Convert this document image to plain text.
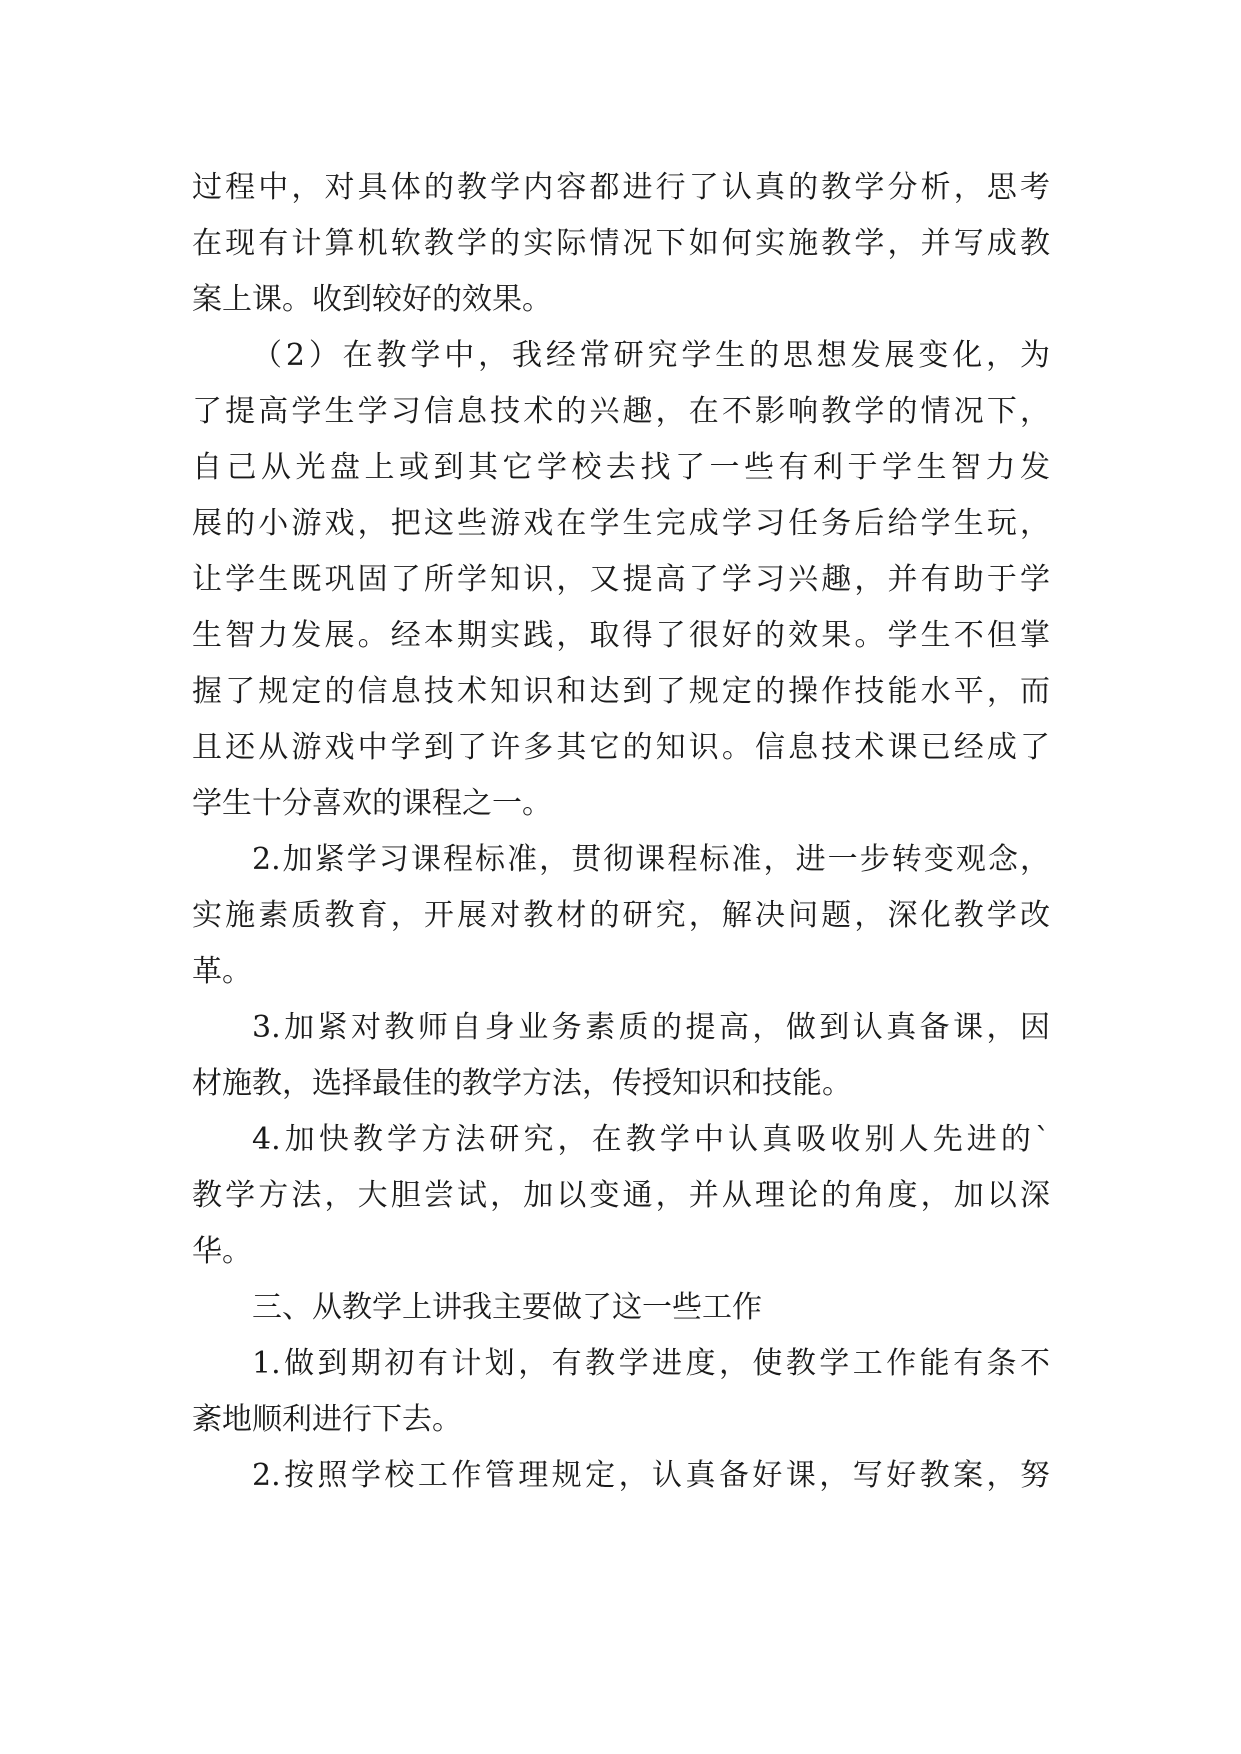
过程中，对具体的教学内容都进行了认真的教学分析，思考
在现有计算机软教学的实际情况下如何实施教学，并写成教
案上课。收到较好的效果。
（2）在教学中，我经常研究学生的思想发展变化，为
了提高学生学习信息技术的兴趣，在不影响教学的情况下，
自己从光盘上或到其它学校去找了一些有利于学生智力发
展的小游戏，把这些游戏在学生完成学习任务后给学生玩，
让学生既巩固了所学知识，又提高了学习兴趣，并有助于学
生智力发展。经本期实践，取得了很好的效果。学生不但掌
握了规定的信息技术知识和达到了规定的操作技能水平，而
且还从游戏中学到了许多其它的知识。信息技术课已经成了
学生十分喜欢的课程之一。
2.加紧学习课程标准，贯彻课程标准，进一步转变观念，
实施素质教育，开展对教材的研究，解决问题，深化教学改
革。
3.加紧对教师自身业务素质的提高，做到认真备课，因
材施教，选择最佳的教学方法，传授知识和技能。
4.加快教学方法研究，在教学中认真吸收别人先进的`
教学方法，大胆尝试，加以变通，并从理论的角度，加以深
华。
三、从教学上讲我主要做了这一些工作
1.做到期初有计划，有教学进度，使教学工作能有条不
紊地顺利进行下去。
2.按照学校工作管理规定，认真备好课，写好教案，努
